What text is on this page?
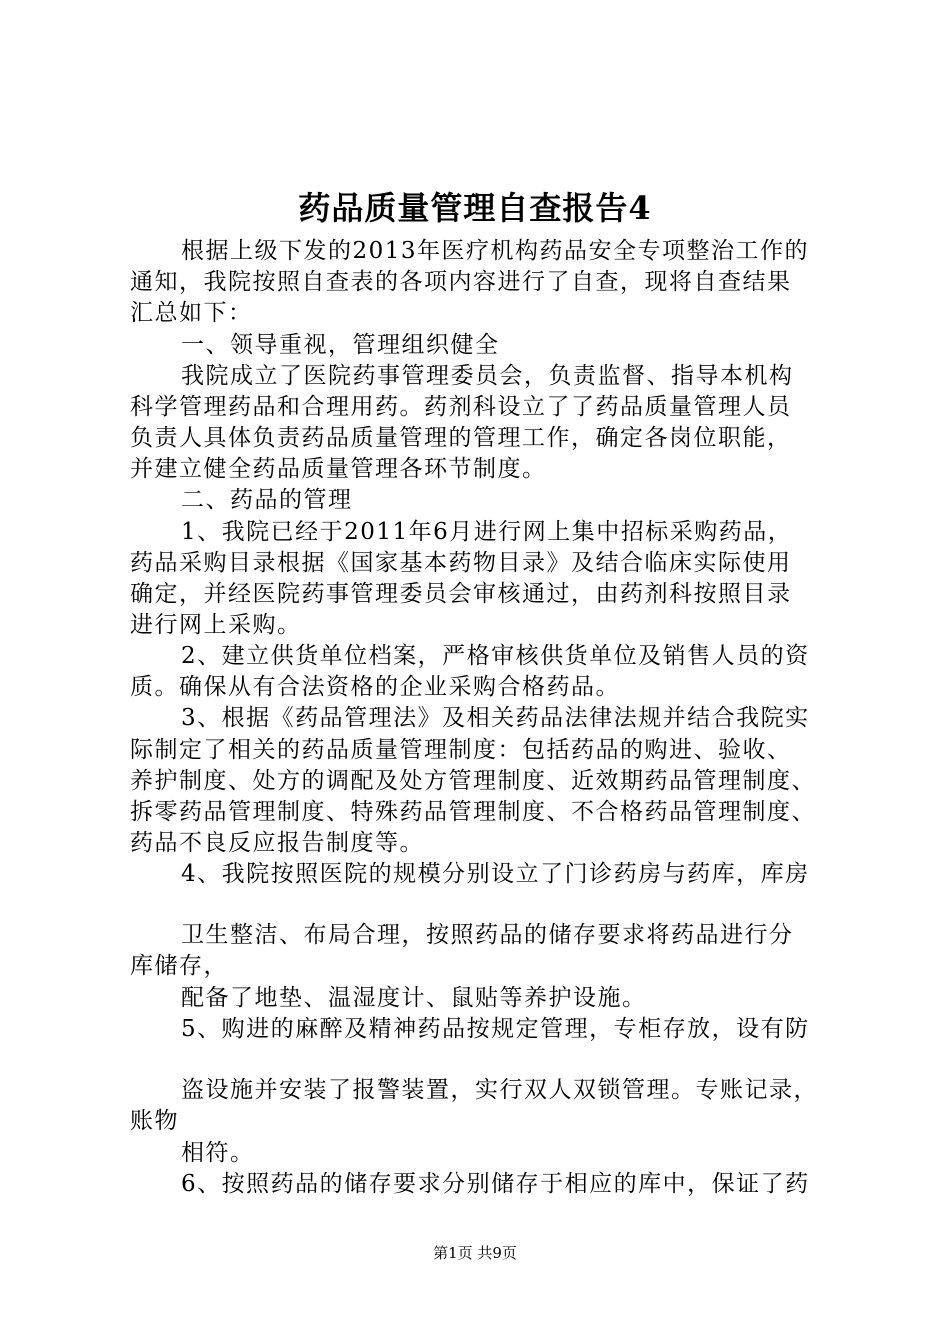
药品质量管理自查报告4
根据上级下发的2013年医疗机构药品安全专项整治工作的
通知，我院按照自查表的各项内容进行了自查，现将自查结果
汇总如下：
一、领导重视，管理组织健全
我院成立了医院药事管理委员会，负责监督、指导本机构
科学管理药品和合理用药。药剂科设立了了药品质量管理人员
负责人具体负责药品质量管理的管理工作，确定各岗位职能，
并建立健全药品质量管理各环节制度。
二、药品的管理
1、我院已经于2011年6月进行网上集中招标采购药品，
药品采购目录根据《国家基本药物目录》及结合临床实际使用
确定，并经医院药事管理委员会审核通过，由药剂科按照目录
进行网上采购。
2、建立供货单位档案，严格审核供货单位及销售人员的资
质。确保从有合法资格的企业采购合格药品。
3、根据《药品管理法》及相关药品法律法规并结合我院实
际制定了相关的药品质量管理制度：包括药品的购进、验收、
养护制度、处方的调配及处方管理制度、近效期药品管理制度、
拆零药品管理制度、特殊药品管理制度、不合格药品管理制度、
药品不良反应报告制度等。
4、我院按照医院的规模分别设立了门诊药房与药库，库房
卫生整洁、布局合理，按照药品的储存要求将药品进行分
库储存，
配备了地垫、温湿度计、鼠贴等养护设施。
5、购进的麻醉及精神药品按规定管理，专柜存放，设有防
盗设施并安装了报警装置，实行双人双锁管理。专账记录，
账物
相符。
6、按照药品的储存要求分别储存于相应的库中，保证了药
第1页 共9页
